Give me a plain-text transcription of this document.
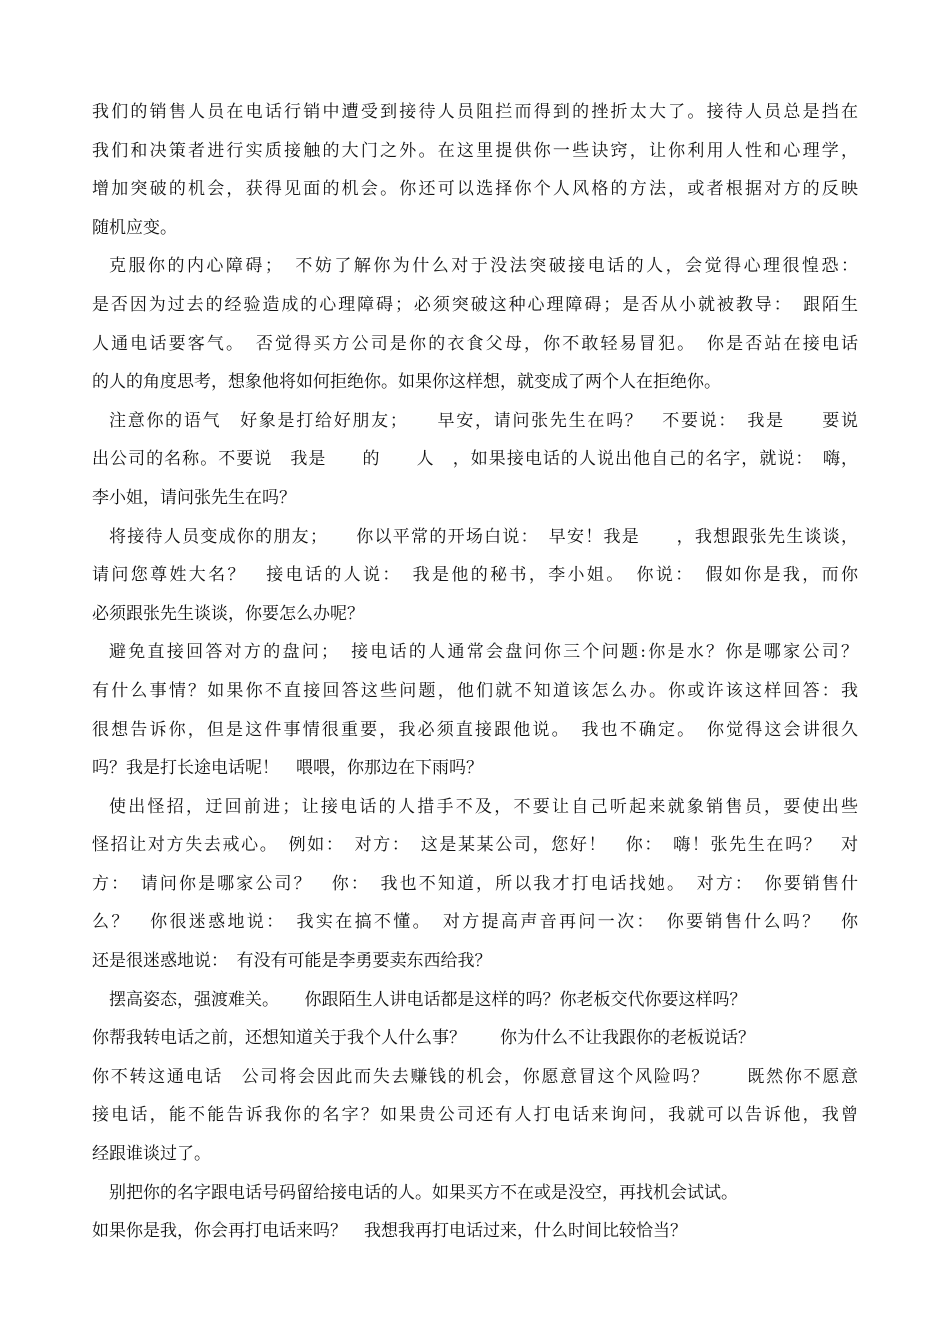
我们的销售人员在电话行销中遭受到接待人员阻拦而得到的挫折太大了。接待人员总是挡在
我们和决策者进行实质接触的大门之外。在这里提供你一些诀窍，让你利用人性和心理学，
增加突破的机会，获得见面的机会。你还可以选择你个人风格的方法，或者根据对方的反映
随机应变。
克服你的内心障碍；　不妨了解你为什么对于没法突破接电话的人，会觉得心理很惶恐：
是否因为过去的经验造成的心理障碍；必须突破这种心理障碍；是否从小就被教导：　跟陌生
人通电话要客气。　否觉得买方公司是你的衣食父母，你不敢轻易冒犯。　你是否站在接电话
的人的角度思考，想象他将如何拒绝你。如果你这样想，就变成了两个人在拒绝你。
注意你的语气　好象是打给好朋友；　　早安，请问张先生在吗？　不要说：　我是　　要说
出公司的名称。不要说　我是　　的　　人　，如果接电话的人说出他自己的名字，就说：　嗨，
李小姐，请问张先生在吗？
将接待人员变成你的朋友；　　你以平常的开场白说：　早安！我是　　，我想跟张先生谈谈，
请问您尊姓大名？　接电话的人说：　我是他的秘书，李小姐。　你说：　假如你是我，而你
必须跟张先生谈谈，你要怎么办呢？
避免直接回答对方的盘问；　接电话的人通常会盘问你三个问题:你是水？你是哪家公司？
有什么事情？如果你不直接回答这些问题，他们就不知道该怎么办。你或许该这样回答：我
很想告诉你，但是这件事情很重要，我必须直接跟他说。　我也不确定。　你觉得这会讲很久
吗？我是打长途电话呢！　喂喂，你那边在下雨吗？
使出怪招，迂回前进；让接电话的人措手不及，不要让自己听起来就象销售员，要使出些
怪招让对方失去戒心。　例如：　对方：　这是某某公司，您好！　你：　嗨！张先生在吗？　对
方：　请问你是哪家公司？　你：　我也不知道，所以我才打电话找她。　对方：　你要销售什
么？　你很迷惑地说：　我实在搞不懂。　对方提高声音再问一次：　你要销售什么吗？　你
还是很迷惑地说：　有没有可能是李勇要卖东西给我？
摆高姿态，强渡难关。　　你跟陌生人讲电话都是这样的吗？你老板交代你要这样吗？
你帮我转电话之前，还想知道关于我个人什么事？　　你为什么不让我跟你的老板说话？
你不转这通电话　公司将会因此而失去赚钱的机会，你愿意冒这个风险吗？　　既然你不愿意
接电话，能不能告诉我你的名字？如果贵公司还有人打电话来询问，我就可以告诉他，我曾
经跟谁谈过了。
别把你的名字跟电话号码留给接电话的人。如果买方不在或是没空，再找机会试试。
如果你是我，你会再打电话来吗？　我想我再打电话过来，什么时间比较恰当？
